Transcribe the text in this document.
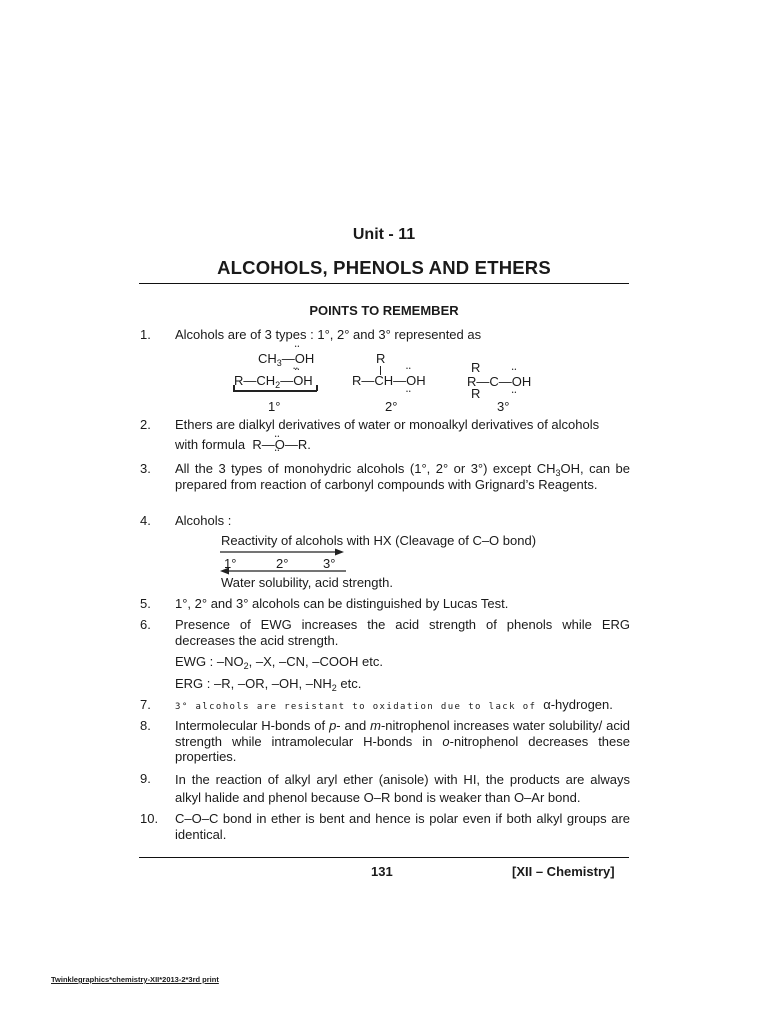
Unit - 11
ALCOHOLS, PHENOLS AND ETHERS
POINTS TO REMEMBER
1. Alcohols are of 3 types : 1°, 2° and 3° represented as
$CH_3—••$ OH ••
$R—CH_2—••$ OH ••
1°
R
R—CH—•• OH ••
2°
R
R—C—•• OH ••
R
3°
2. Ethers are dialkyl derivatives of water or monoalkyl derivatives of alcohols
with formula R—•• O ••—R.
3. All the 3 types of monohydric alcohols (1°, 2° or 3°) except $CH_3OH$, can be prepared from reaction of carbonyl compounds with Grignard’s Reagents.
4. Alcohols :
Reactivity of alcohols with HX (Cleavage of C–O bond)
1°	2°	3°
Water solubility, acid strength.
5. 1°, 2° and 3° alcohols can be distinguished by Lucas Test.
6. Presence of EWG increases the acid strength of phenols while ERG decreases the acid strength.
EWG : $-NO_2$, –X, –CN, –COOH etc.
ERG : –R, –OR, –OH, $-NH_2$ etc.
7.	3° alcohols are resistant to oxidation due to lack of α-hydrogen.
8. Intermolecular H-bonds of p- and m-nitrophenol increases water solubility/ acid strength while intramolecular H-bonds in o-nitrophenol decreases these properties.
9. In the reaction of alkyl aryl ether (anisole) with HI, the products are always alkyl halide and phenol because O–R bond is weaker than O–Ar bond.
10. C–O–C bond in ether is bent and hence is polar even if both alkyl groups are identical.
131	[XII – Chemistry]
Twinklegraphics*chemistry-XII*2013-2*3rd print
